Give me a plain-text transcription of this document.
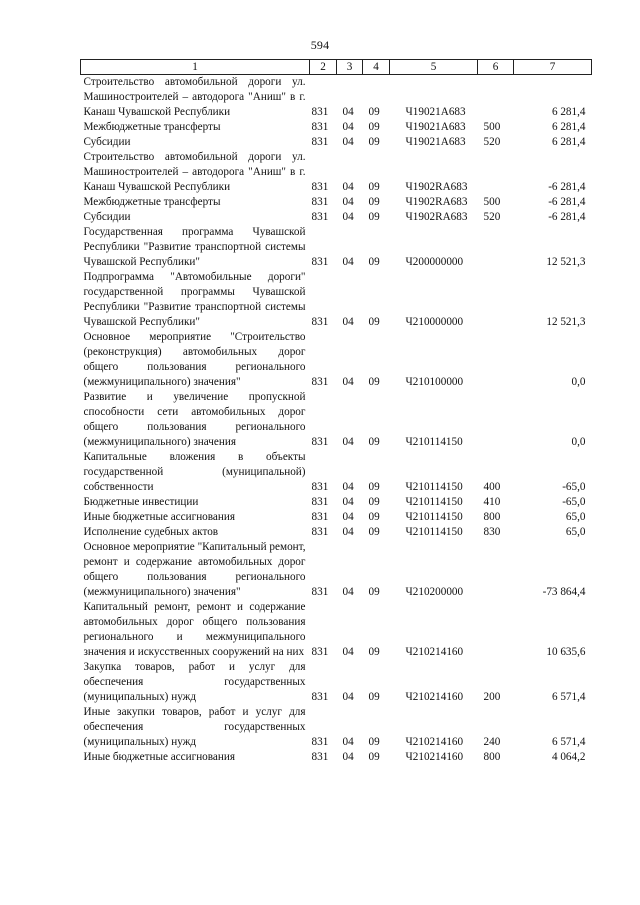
594
1	2	3	4	5	6	7
Строительство автомобильной дороги ул. Машиностроителей – автодорога "Аниш" в г. Канаш Чувашской Республики	831	04	09	Ч19021А683		6 281,4
Межбюджетные трансферты	831	04	09	Ч19021А683	500	6 281,4
Субсидии	831	04	09	Ч19021А683	520	6 281,4
Строительство автомобильной дороги ул. Машиностроителей – автодорога "Аниш" в г. Канаш Чувашской Республики	831	04	09	Ч1902RА683		-6 281,4
Межбюджетные трансферты	831	04	09	Ч1902RА683	500	-6 281,4
Субсидии	831	04	09	Ч1902RА683	520	-6 281,4
Государственная программа Чувашской Республики "Развитие транспортной системы Чувашской Республики"	831	04	09	Ч200000000		12 521,3
Подпрограмма "Автомобильные дороги" государственной программы Чувашской Республики "Развитие транспортной системы Чувашской Республики"	831	04	09	Ч210000000		12 521,3
Основное мероприятие "Строительство (реконструкция) автомобильных дорог общего пользования регионального (межмуниципального) значения"	831	04	09	Ч210100000		0,0
Развитие и увеличение пропускной способности сети автомобильных дорог общего пользования регионального (межмуниципального) значения	831	04	09	Ч210114150		0,0
Капитальные вложения в объекты государственной (муниципальной) собственности	831	04	09	Ч210114150	400	-65,0
Бюджетные инвестиции	831	04	09	Ч210114150	410	-65,0
Иные бюджетные ассигнования	831	04	09	Ч210114150	800	65,0
Исполнение судебных актов	831	04	09	Ч210114150	830	65,0
Основное мероприятие "Капитальный ремонт, ремонт и содержание автомобильных дорог общего пользования регионального (межмуниципального) значения"	831	04	09	Ч210200000		-73 864,4
Капитальный ремонт, ремонт и содержание автомобильных дорог общего пользования регионального и межмуниципального значения и искусственных сооружений на них	831	04	09	Ч210214160		10 635,6
Закупка товаров, работ и услуг для обеспечения государственных (муниципальных) нужд	831	04	09	Ч210214160	200	6 571,4
Иные закупки товаров, работ и услуг для обеспечения государственных (муниципальных) нужд	831	04	09	Ч210214160	240	6 571,4
Иные бюджетные ассигнования	831	04	09	Ч210214160	800	4 064,2
